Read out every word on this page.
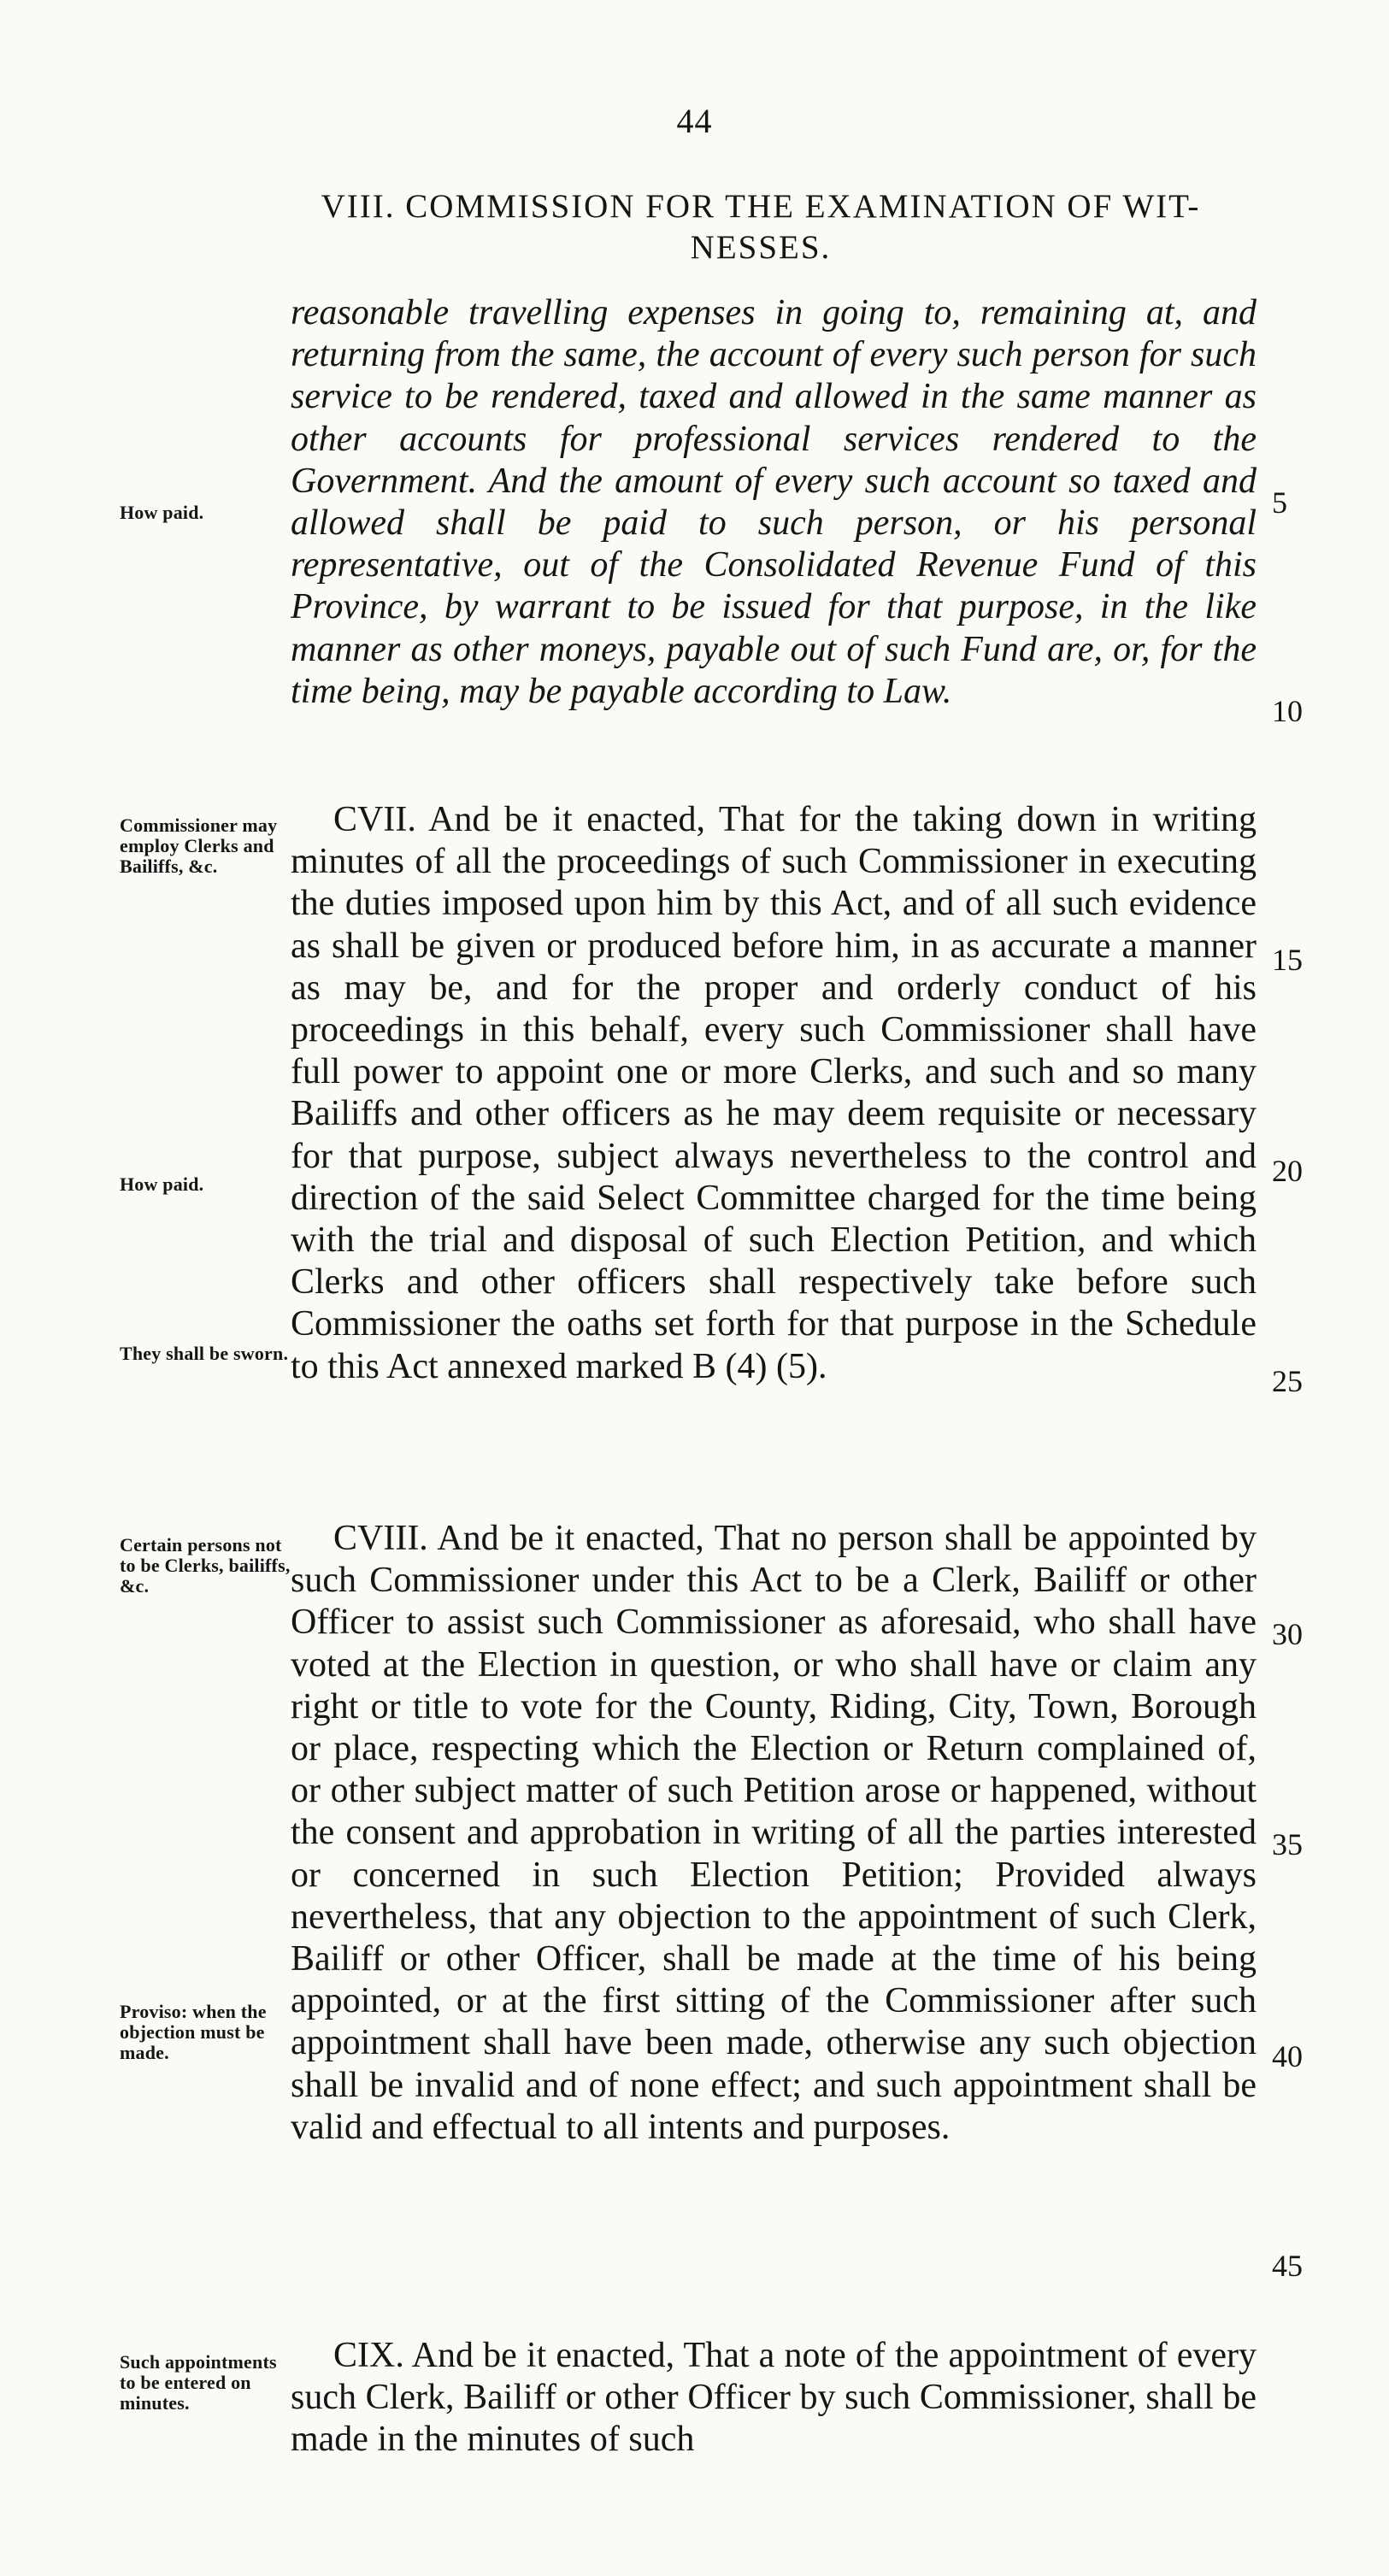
44
VIII. COMMISSION FOR THE EXAMINATION OF WIT-
NESSES.

reasonable travelling expenses in going to, remaining at, and returning from the same, the account of every such person for such service to be rendered, taxed and allowed in the same manner as other accounts for professional services rendered to the Government. And the amount of every such account so taxed and allowed shall be paid to such person, or his personal representative, out of the Consolidated Revenue Fund of this Province, by warrant to be issued for that purpose, in the like manner as other moneys, payable out of such Fund are, or, for the time being, may be payable according to Law.

CVII. And be it enacted, That for the taking down in writing minutes of all the proceedings of such Commissioner in executing the duties imposed upon him by this Act, and of all such evidence as shall be given or produced before him, in as accurate a manner as may be, and for the proper and orderly conduct of his proceedings in this behalf, every such Commissioner shall have full power to appoint one or more Clerks, and such and so many Bailiffs and other officers as he may deem requisite or necessary for that purpose, subject always nevertheless to the control and direction of the said Select Committee charged for the time being with the trial and disposal of such Election Petition, and which Clerks and other officers shall respectively take before such Commissioner the oaths set forth for that purpose in the Schedule to this Act annexed marked B (4) (5).

CVIII. And be it enacted, That no person shall be appointed by such Commissioner under this Act to be a Clerk, Bailiff or other Officer to assist such Commissioner as aforesaid, who shall have voted at the Election in question, or who shall have or claim any right or title to vote for the County, Riding, City, Town, Borough or place, respecting which the Election or Return complained of, or other subject matter of such Petition arose or happened, without the consent and approbation in writing of all the parties interested or concerned in such Election Petition; Provided always nevertheless, that any objection to the appointment of such Clerk, Bailiff or other Officer, shall be made at the time of his being appointed, or at the first sitting of the Commissioner after such appointment shall have been made, otherwise any such objection shall be invalid and of none effect; and such appointment shall be valid and effectual to all intents and purposes.

CIX. And be it enacted, That a note of the appointment of every such Clerk, Bailiff or other Officer by such Commissioner, shall be made in the minutes of such

How paid.
Commissioner may employ Clerks and Bailiffs, &c.
How paid.
They shall be sworn.
Certain persons not to be Clerks, bailiffs, &c.
Proviso: when the objection must be made.
Such appointments to be entered on minutes.
5
10
15
20
25
30
35
40
45
